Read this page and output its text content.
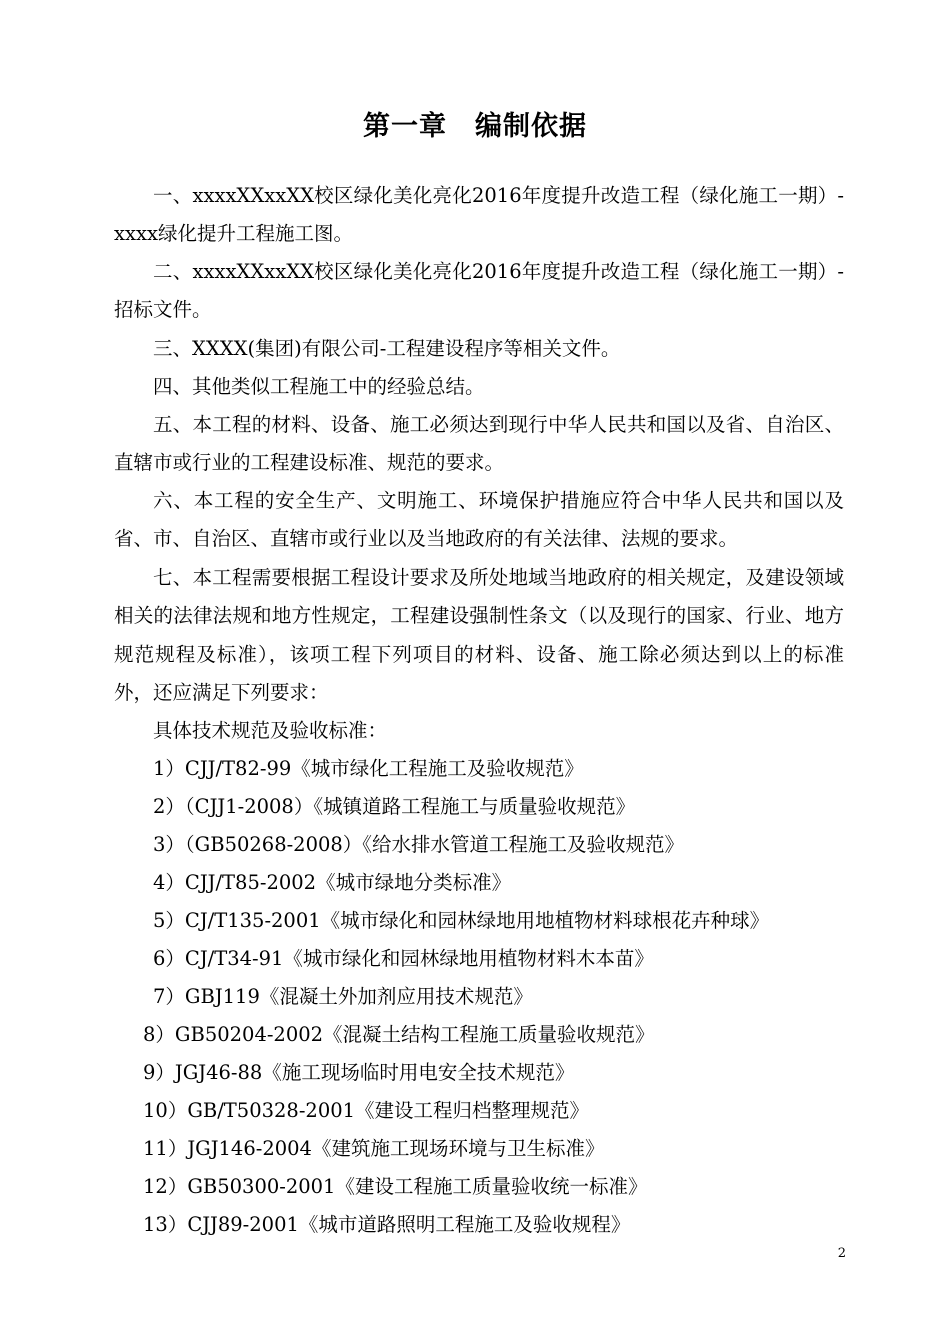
第一章　编制依据

一、xxxxXXxxXX校区绿化美化亮化2016年度提升改造工程（绿化施工一期）-xxxx绿化提升工程施工图。

二、xxxxXXxxXX校区绿化美化亮化2016年度提升改造工程（绿化施工一期）-招标文件。

三、XXXX(集团)有限公司-工程建设程序等相关文件。

四、其他类似工程施工中的经验总结。

五、本工程的材料、设备、施工必须达到现行中华人民共和国以及省、自治区、直辖市或行业的工程建设标准、规范的要求。

六、本工程的安全生产、文明施工、环境保护措施应符合中华人民共和国以及省、市、自治区、直辖市或行业以及当地政府的有关法律、法规的要求。

七、本工程需要根据工程设计要求及所处地域当地政府的相关规定，及建设领域相关的法律法规和地方性规定，工程建设强制性条文（以及现行的国家、行业、地方规范规程及标准），该项工程下列项目的材料、设备、施工除必须达到以上的标准外，还应满足下列要求：

具体技术规范及验收标准：

1）CJJ/T82-99《城市绿化工程施工及验收规范》

2）（CJJ1-2008）《城镇道路工程施工与质量验收规范》

3）（GB50268-2008）《给水排水管道工程施工及验收规范》

4）CJJ/T85-2002《城市绿地分类标准》

5）CJ/T135-2001《城市绿化和园林绿地用地植物材料球根花卉种球》

6）CJ/T34-91《城市绿化和园林绿地用植物材料木本苗》

7）GBJ119《混凝土外加剂应用技术规范》

8）GB50204-2002《混凝土结构工程施工质量验收规范》

9）JGJ46-88《施工现场临时用电安全技术规范》

10）GB/T50328-2001《建设工程归档整理规范》

11）JGJ146-2004《建筑施工现场环境与卫生标准》

12）GB50300-2001《建设工程施工质量验收统一标准》

13）CJJ89-2001《城市道路照明工程施工及验收规程》

2
